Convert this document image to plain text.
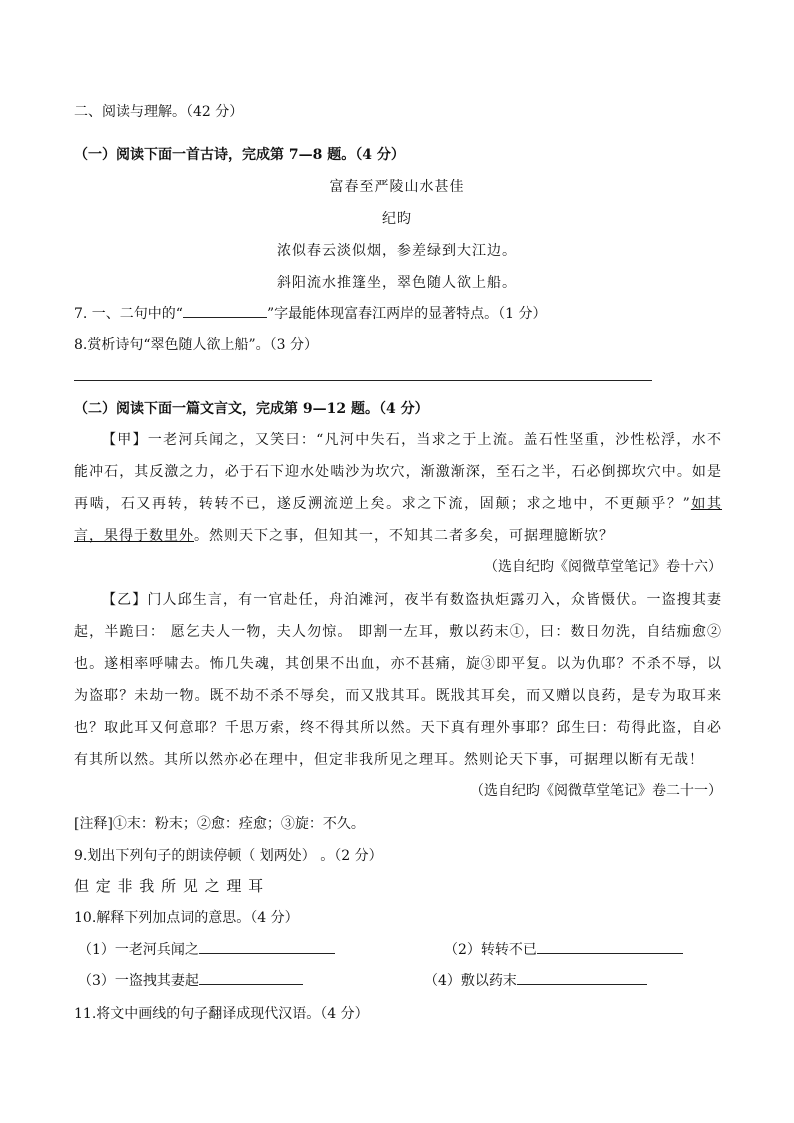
二、阅读与理解。（42 分）
（一）阅读下面一首古诗，完成第 7—8 题。（4 分）
富春至严陵山水甚佳
纪昀
浓似春云淡似烟，参差绿到大江边。
斜阳流水推篷坐，翠色随人欲上船。
7. 一、二句中的“	”字最能体现富春江两岸的显著特点。（1 分）
8.赏析诗句“翠色随人欲上船”。（3 分）
（二）阅读下面一篇文言文，完成第 9—12 题。（4 分）
【甲】一老河兵闻之，又笑曰：“凡河中失石，当求之于上流。盖石性坚重，沙性松浮，水不能冲石，其反激之力，必于石下迎水处啮沙为坎穴，渐激渐深，至石之半，石必倒掷坎穴中。如是再啮，石又再转，转转不已，遂反溯流逆上矣。求之下流，固颠；求之地中，不更颠乎？”如其言，果得于数里外。然则天下之事，但知其一，不知其二者多矣，可据理臆断欤？
（选自纪昀《阅微草堂笔记》卷十六）
【乙】门人邱生言，有一官赴任，舟泊滩河，夜半有数盗执炬露刃入，众皆慑伏。一盗搜其妻起，半跪曰： 愿乞夫人一物，夫人勿惊。 即割一左耳，敷以药末①，曰：数日勿洗，自结痂愈②也。遂相率呼啸去。怖几失魂，其创果不出血，亦不甚痛，旋③即平复。以为仇耶？不杀不辱，以为盗耶？未劫一物。既不劫不杀不辱矣，而又戕其耳。既戕其耳矣，而又赠以良药，是专为取耳来也？取此耳又何意耶？千思万索，终不得其所以然。天下真有理外事耶？邱生曰：苟得此盗，自必有其所以然。其所以然亦必在理中，但定非我所见之理耳。然则论天下事，可据理以断有无哉！
（选自纪昀《阅微草堂笔记》卷二十一）
[注释]①末：粉末；②愈：痊愈；③旋：不久。
9.划出下列句子的朗读停顿（ 划两处） 。（2 分）
但 定 非 我 所 见 之 理 耳
10.解释下列加点词的意思。（4 分）
（1）一老河兵闻之	（2）转转不已
（3）一盗拽其妻起	（4）敷以药末
11.将文中画线的句子翻译成现代汉语。（4 分）
